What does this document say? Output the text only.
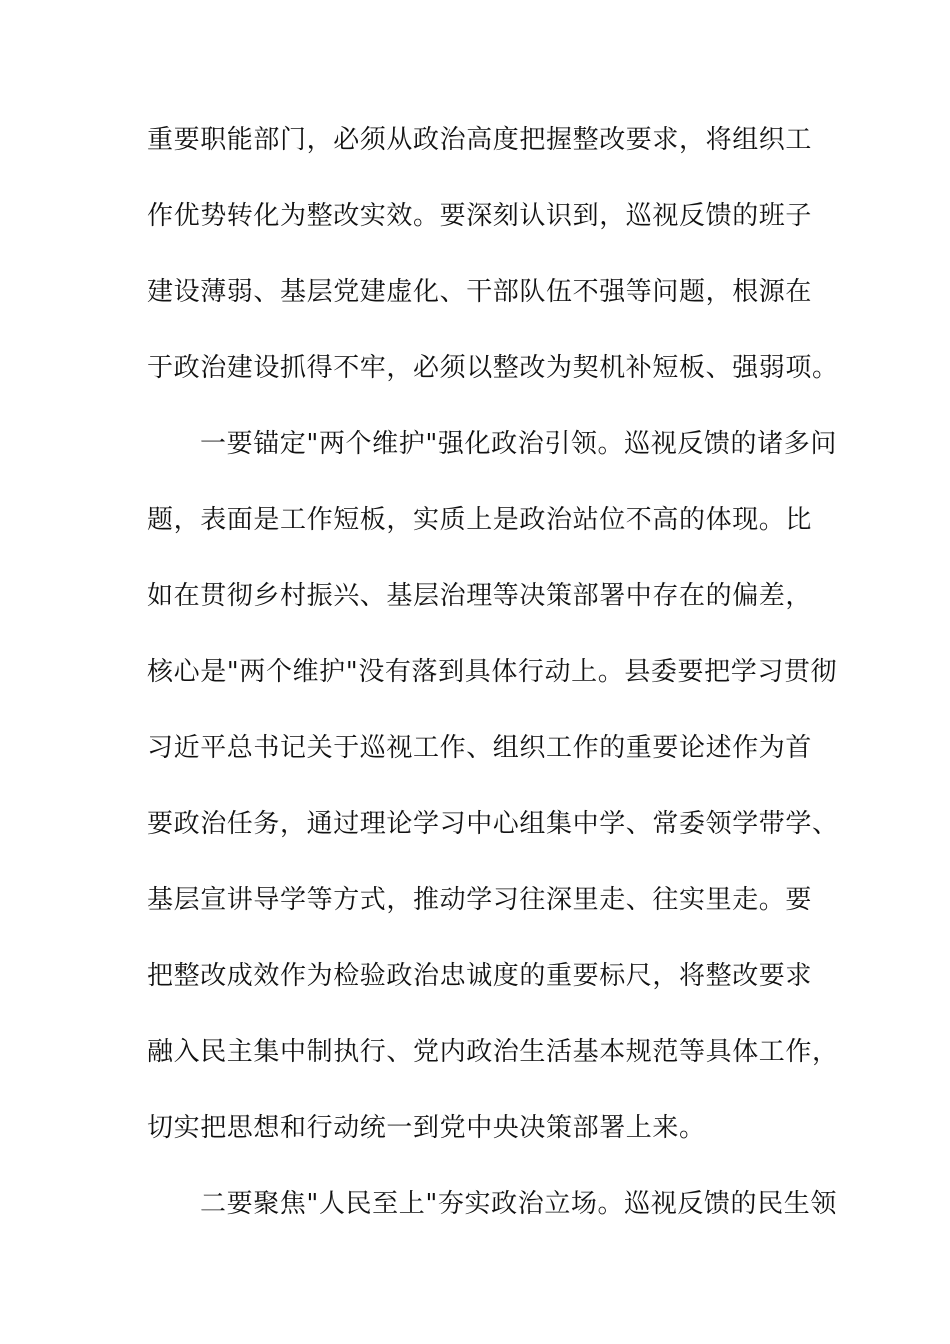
重要职能部门，必须从政治高度把握整改要求，将组织工
作优势转化为整改实效。要深刻认识到，巡视反馈的班子
建设薄弱、基层党建虚化、干部队伍不强等问题，根源在
于政治建设抓得不牢，必须以整改为契机补短板、强弱项。
一要锚定"两个维护"强化政治引领。巡视反馈的诸多问
题，表面是工作短板，实质上是政治站位不高的体现。比
如在贯彻乡村振兴、基层治理等决策部署中存在的偏差，
核心是"两个维护"没有落到具体行动上。县委要把学习贯彻
习近平总书记关于巡视工作、组织工作的重要论述作为首
要政治任务，通过理论学习中心组集中学、常委领学带学、
基层宣讲导学等方式，推动学习往深里走、往实里走。要
把整改成效作为检验政治忠诚度的重要标尺，将整改要求
融入民主集中制执行、党内政治生活基本规范等具体工作，
切实把思想和行动统一到党中央决策部署上来。
二要聚焦"人民至上"夯实政治立场。巡视反馈的民生领
